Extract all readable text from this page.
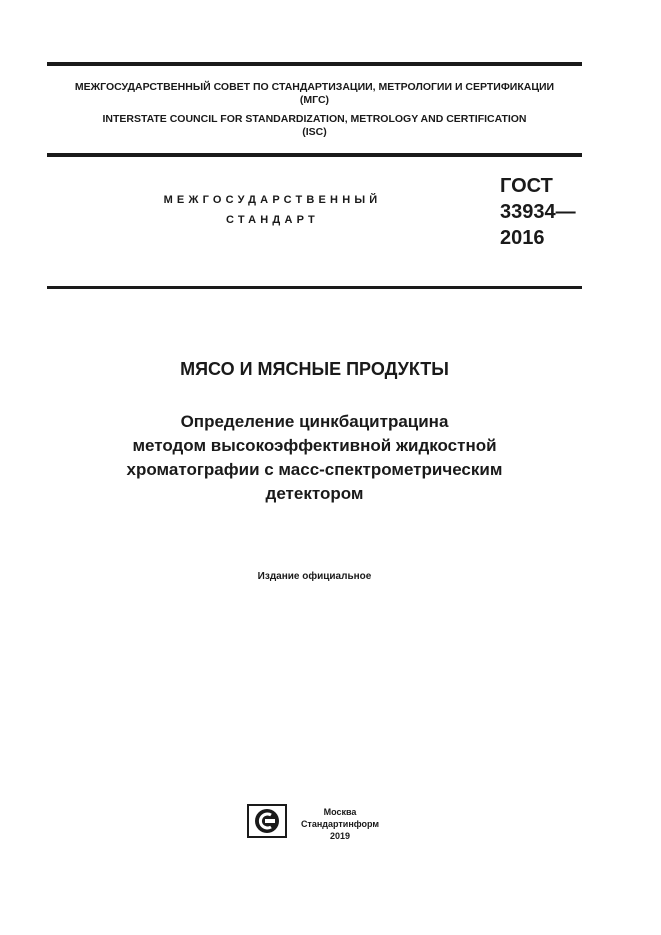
МЕЖГОСУДАРСТВЕННЫЙ СОВЕТ ПО СТАНДАРТИЗАЦИИ, МЕТРОЛОГИИ И СЕРТИФИКАЦИИ
(МГС)
INTERSTATE COUNCIL FOR STANDARDIZATION, METROLOGY AND CERTIFICATION
(ISC)
МЕЖГОСУДАРСТВЕННЫЙ
СТАНДАРТ
ГОСТ
33934—
2016
МЯСО И МЯСНЫЕ ПРОДУКТЫ
Определение цинкбацитрацина
методом высокоэффективной жидкостной
хроматографии с масс-спектрометрическим
детектором
Издание официальное
Москва
Стандартинформ
2019
